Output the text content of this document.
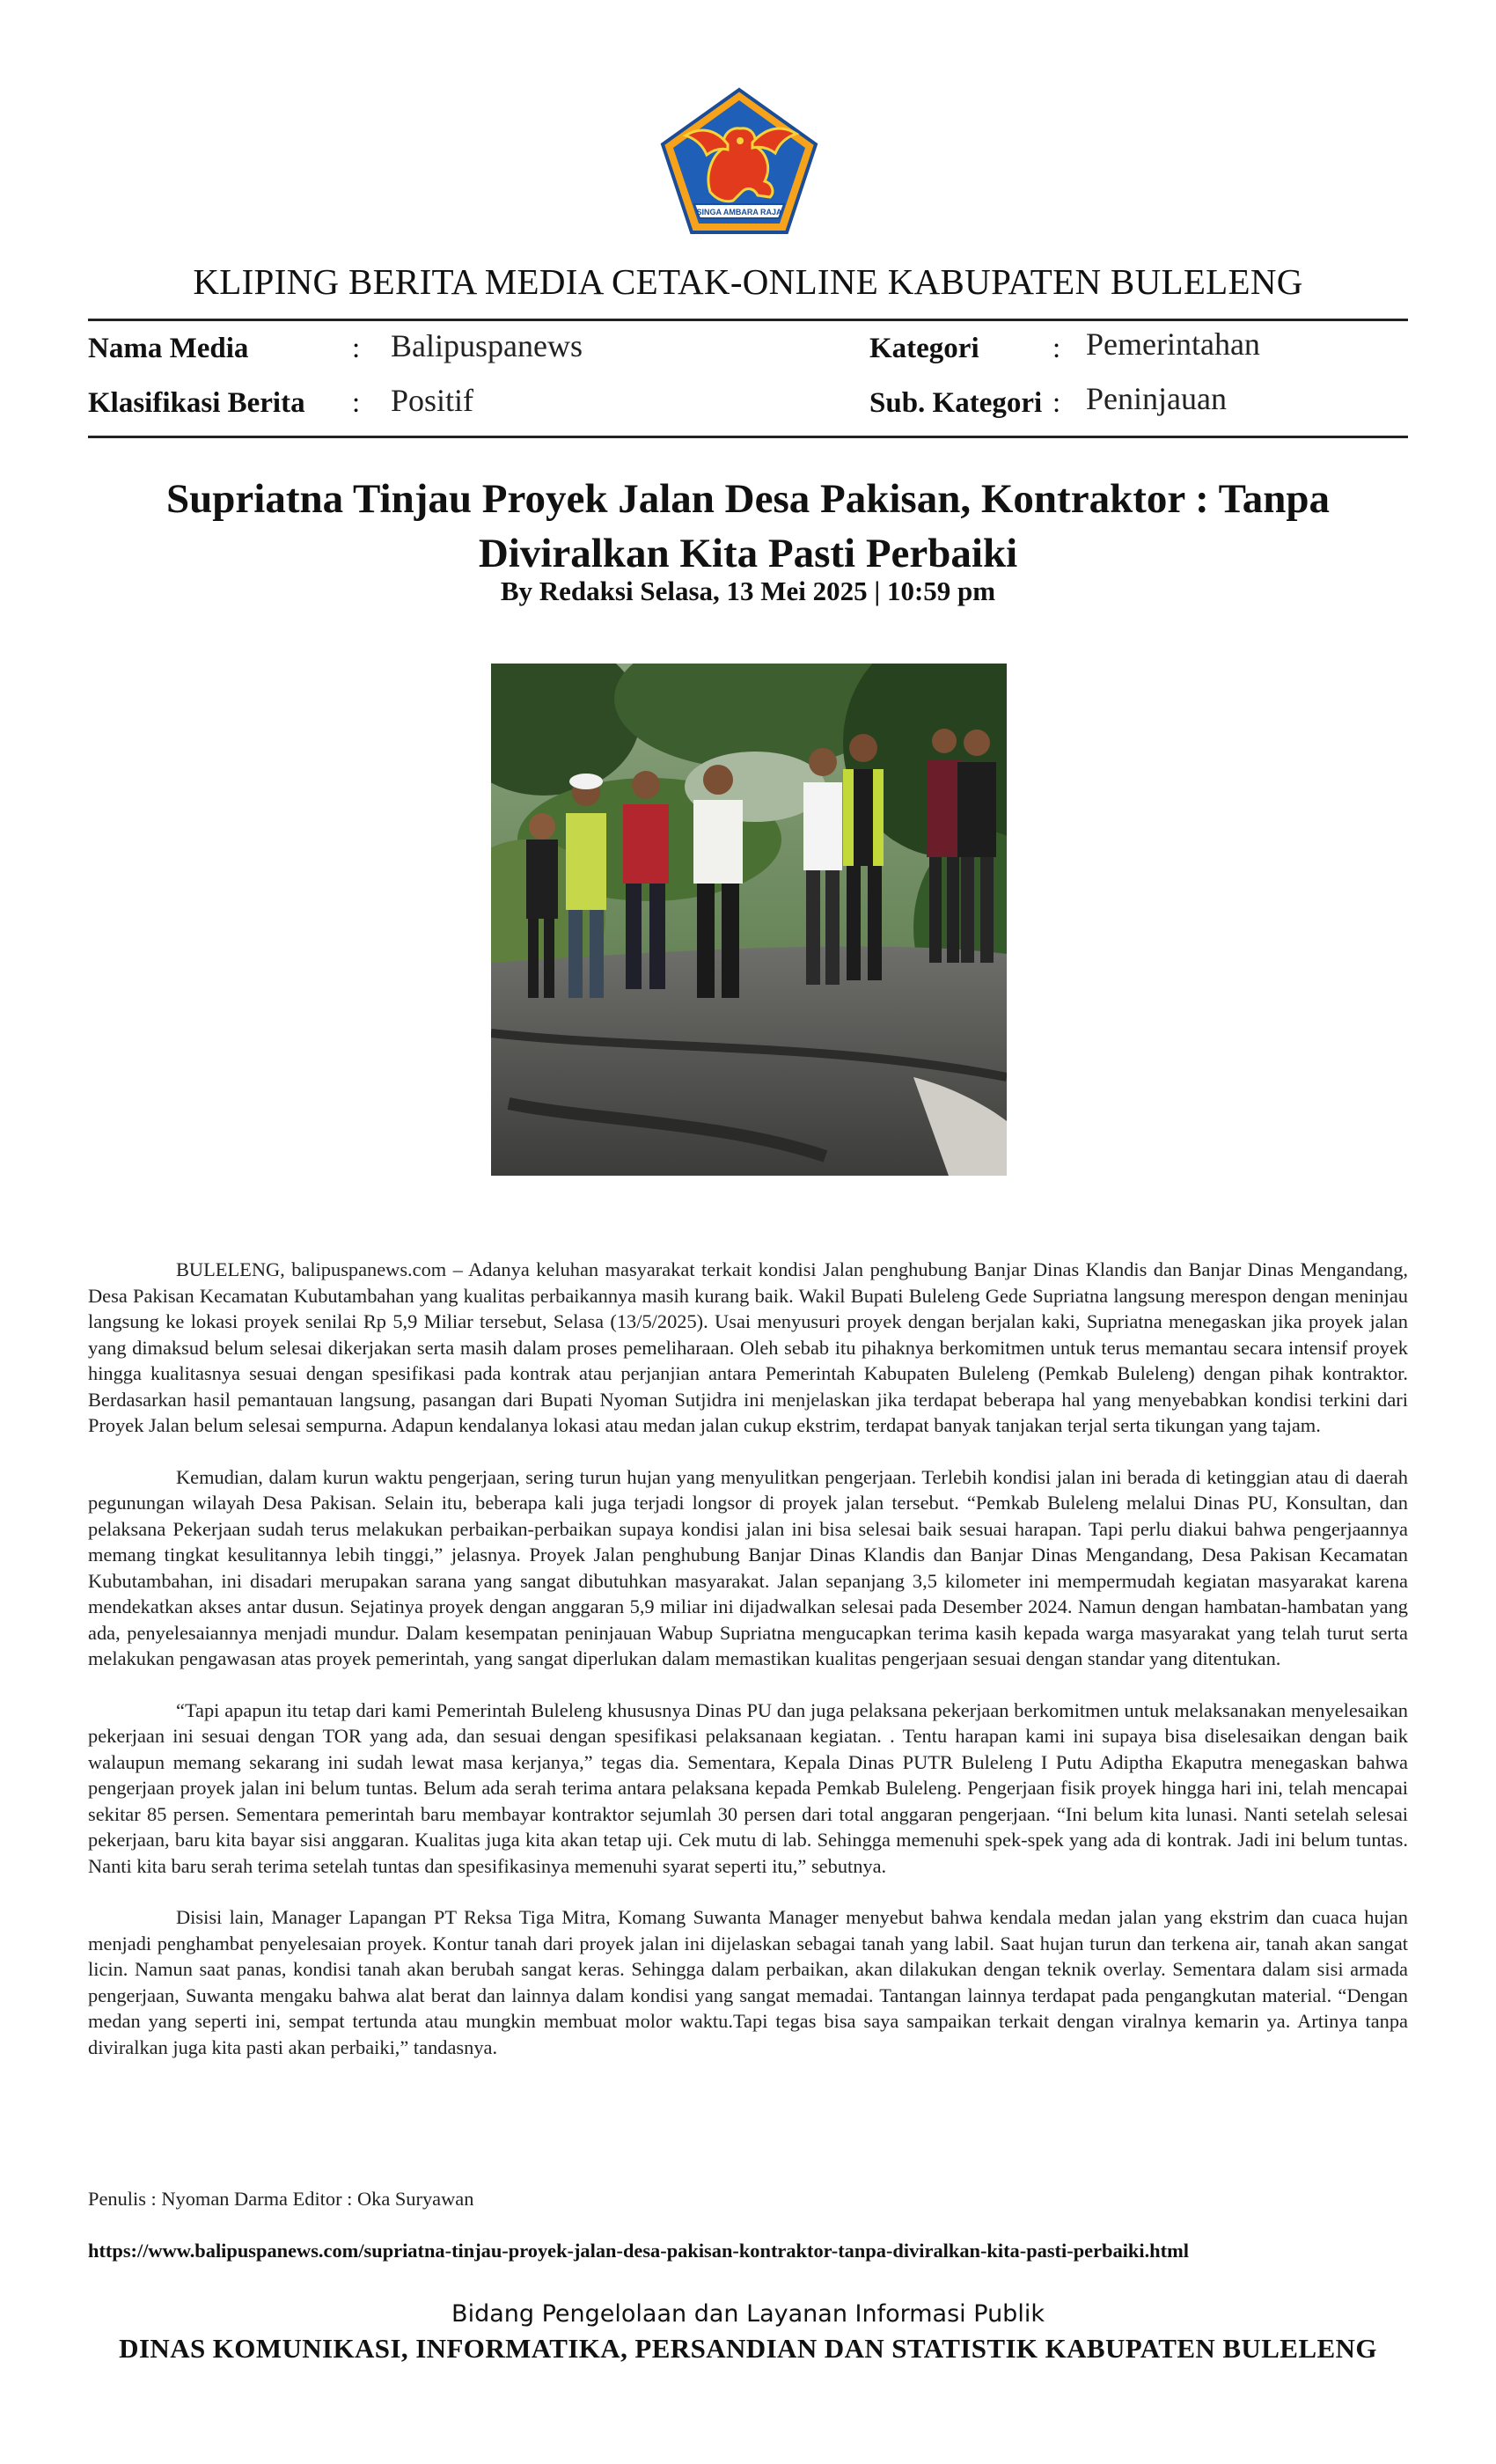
SINGA AMBARA RAJA
KLIPING BERITA MEDIA CETAK-ONLINE KABUPATEN BULELENG
Nama Media	: Balipuspanews
Klasifikasi Berita : Positif
Kategori	: Pemerintahan
Sub. Kategori : Peninjauan
Supriatna Tinjau Proyek Jalan Desa Pakisan, Kontraktor : Tanpa Diviralkan Kita Pasti Perbaiki
By Redaksi Selasa, 13 Mei 2025 | 10:59 pm

BULELENG, balipuspanews.com – Adanya keluhan masyarakat terkait kondisi Jalan penghubung Banjar Dinas Klandis dan Banjar Dinas Mengandang, Desa Pakisan Kecamatan Kubutambahan yang kualitas perbaikannya masih kurang baik. Wakil Bupati Buleleng Gede Supriatna langsung merespon dengan meninjau langsung ke lokasi proyek senilai Rp 5,9 Miliar tersebut, Selasa (13/5/2025). Usai menyusuri proyek dengan berjalan kaki, Supriatna menegaskan jika proyek jalan yang dimaksud belum selesai dikerjakan serta masih dalam proses pemeliharaan. Oleh sebab itu pihaknya berkomitmen untuk terus memantau secara intensif proyek hingga kualitasnya sesuai dengan spesifikasi pada kontrak atau perjanjian antara Pemerintah Kabupaten Buleleng (Pemkab Buleleng) dengan pihak kontraktor. Berdasarkan hasil pemantauan langsung, pasangan dari Bupati Nyoman Sutjidra ini menjelaskan jika terdapat beberapa hal yang menyebabkan kondisi terkini dari Proyek Jalan belum selesai sempurna. Adapun kendalanya lokasi atau medan jalan cukup ekstrim, terdapat banyak tanjakan terjal serta tikungan yang tajam.

Kemudian, dalam kurun waktu pengerjaan, sering turun hujan yang menyulitkan pengerjaan. Terlebih kondisi jalan ini berada di ketinggian atau di daerah pegunungan wilayah Desa Pakisan. Selain itu, beberapa kali juga terjadi longsor di proyek jalan tersebut. “Pemkab Buleleng melalui Dinas PU, Konsultan, dan pelaksana Pekerjaan sudah terus melakukan perbaikan-perbaikan supaya kondisi jalan ini bisa selesai baik sesuai harapan. Tapi perlu diakui bahwa pengerjaannya memang tingkat kesulitannya lebih tinggi,” jelasnya. Proyek Jalan penghubung Banjar Dinas Klandis dan Banjar Dinas Mengandang, Desa Pakisan Kecamatan Kubutambahan, ini disadari merupakan sarana yang sangat dibutuhkan masyarakat. Jalan sepanjang 3,5 kilometer ini mempermudah kegiatan masyarakat karena mendekatkan akses antar dusun. Sejatinya proyek dengan anggaran 5,9 miliar ini dijadwalkan selesai pada Desember 2024. Namun dengan hambatan-hambatan yang ada, penyelesaiannya menjadi mundur. Dalam kesempatan peninjauan Wabup Supriatna mengucapkan terima kasih kepada warga masyarakat yang telah turut serta melakukan pengawasan atas proyek pemerintah, yang sangat diperlukan dalam memastikan kualitas pengerjaan sesuai dengan standar yang ditentukan.

“Tapi apapun itu tetap dari kami Pemerintah Buleleng khususnya Dinas PU dan juga pelaksana pekerjaan berkomitmen untuk melaksanakan menyelesaikan pekerjaan ini sesuai dengan TOR yang ada, dan sesuai dengan spesifikasi pelaksanaan kegiatan. . Tentu harapan kami ini supaya bisa diselesaikan dengan baik walaupun memang sekarang ini sudah lewat masa kerjanya,” tegas dia. Sementara, Kepala Dinas PUTR Buleleng I Putu Adiptha Ekaputra menegaskan bahwa pengerjaan proyek jalan ini belum tuntas. Belum ada serah terima antara pelaksana kepada Pemkab Buleleng. Pengerjaan fisik proyek hingga hari ini, telah mencapai sekitar 85 persen. Sementara pemerintah baru membayar kontraktor sejumlah 30 persen dari total anggaran pengerjaan. “Ini belum kita lunasi. Nanti setelah selesai pekerjaan, baru kita bayar sisi anggaran. Kualitas juga kita akan tetap uji. Cek mutu di lab. Sehingga memenuhi spek-spek yang ada di kontrak. Jadi ini belum tuntas. Nanti kita baru serah terima setelah tuntas dan spesifikasinya memenuhi syarat seperti itu,” sebutnya.

Disisi lain, Manager Lapangan PT Reksa Tiga Mitra, Komang Suwanta Manager menyebut bahwa kendala medan jalan yang ekstrim dan cuaca hujan menjadi penghambat penyelesaian proyek. Kontur tanah dari proyek jalan ini dijelaskan sebagai tanah yang labil. Saat hujan turun dan terkena air, tanah akan sangat licin. Namun saat panas, kondisi tanah akan berubah sangat keras. Sehingga dalam perbaikan, akan dilakukan dengan teknik overlay. Sementara dalam sisi armada pengerjaan, Suwanta mengaku bahwa alat berat dan lainnya dalam kondisi yang sangat memadai. Tantangan lainnya terdapat pada pengangkutan material. “Dengan medan yang seperti ini, sempat tertunda atau mungkin membuat molor waktu.Tapi tegas bisa saya sampaikan terkait dengan viralnya kemarin ya. Artinya tanpa diviralkan juga kita pasti akan perbaiki,” tandasnya.

Penulis : Nyoman Darma Editor : Oka Suryawan
https://www.balipuspanews.com/supriatna-tinjau-proyek-jalan-desa-pakisan-kontraktor-tanpa-diviralkan-kita-pasti-perbaiki.html
Bidang Pengelolaan dan Layanan Informasi Publik
DINAS KOMUNIKASI, INFORMATIKA, PERSANDIAN DAN STATISTIK KABUPATEN BULELENG
